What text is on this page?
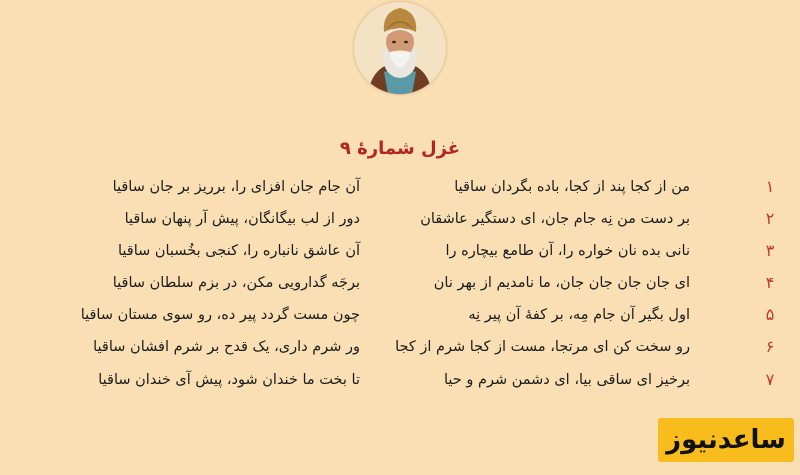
غزل شمارهٔ ۹
۱
من از کجا پند از کجا، باده بگردان ساقیا
آن جام جان افزای را، برریز بر جان ساقیا
۲
بر دست من نِه جام جان، ای دستگیر عاشقان
دور از لب بیگانگان، پیش آر پنهان ساقیا
۳
نانی بده نان خواره را، آن طامع بیچاره را
آن عاشق نانباره را، کنجی بخُسبان ساقیا
۴
ای جان جان جان جان، ما نامدیم از بهر نان
برجَه گدارویی مکن، در بزم سلطان ساقیا
۵
اول بگیر آن جام مِه، بر کفهٔ آن پیر نِه
چون مست گردد پیر ده، رو سوی مستان ساقیا
۶
رو سخت کن ای مرتجا، مست از کجا شرم از کجا
ور شرم داری، یک قدح بر شرم افشان ساقیا
۷
برخیز ای ساقی بیا، ای دشمن شرم و حیا
تا بخت ما خندان شود، پیش آی خندان ساقیا
ساعدنیوز
